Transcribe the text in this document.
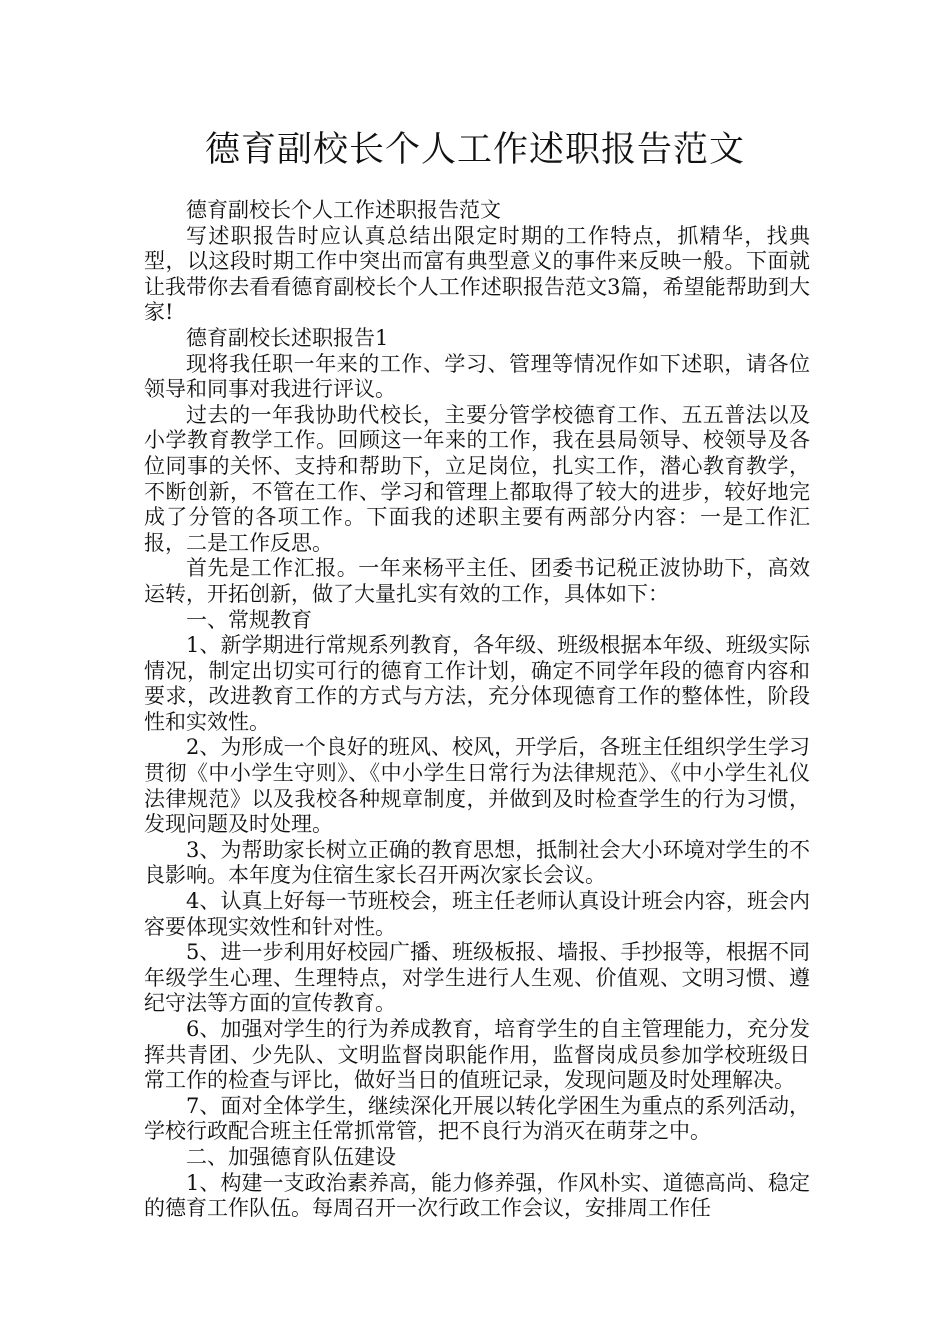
德育副校长个人工作述职报告范文

德育副校长个人工作述职报告范文

写述职报告时应认真总结出限定时期的工作特点，抓精华，找典型，以这段时期工作中突出而富有典型意义的事件来反映一般。下面就让我带你去看看德育副校长个人工作述职报告范文3篇，希望能帮助到大家!

德育副校长述职报告1

现将我任职一年来的工作、学习、管理等情况作如下述职，请各位领导和同事对我进行评议。

过去的一年我协助代校长，主要分管学校德育工作、五五普法以及小学教育教学工作。回顾这一年来的工作，我在县局领导、校领导及各位同事的关怀、支持和帮助下，立足岗位，扎实工作，潜心教育教学，不断创新，不管在工作、学习和管理上都取得了较大的进步，较好地完成了分管的各项工作。下面我的述职主要有两部分内容：一是工作汇报，二是工作反思。

首先是工作汇报。一年来杨平主任、团委书记税正波协助下，高效运转，开拓创新，做了大量扎实有效的工作，具体如下：

一、常规教育

1、新学期进行常规系列教育，各年级、班级根据本年级、班级实际情况，制定出切实可行的德育工作计划，确定不同学年段的德育内容和要求，改进教育工作的方式与方法，充分体现德育工作的整体性，阶段性和实效性。

2、为形成一个良好的班风、校风，开学后，各班主任组织学生学习贯彻《中小学生守则》、《中小学生日常行为法律规范》、《中小学生礼仪法律规范》以及我校各种规章制度，并做到及时检查学生的行为习惯，发现问题及时处理。

3、为帮助家长树立正确的教育思想，抵制社会大小环境对学生的不良影响。本年度为住宿生家长召开两次家长会议。

4、认真上好每一节班校会，班主任老师认真设计班会内容，班会内容要体现实效性和针对性。

5、进一步利用好校园广播、班级板报、墙报、手抄报等，根据不同年级学生心理、生理特点，对学生进行人生观、价值观、文明习惯、遵纪守法等方面的宣传教育。

6、加强对学生的行为养成教育，培育学生的自主管理能力，充分发挥共青团、少先队、文明监督岗职能作用，监督岗成员参加学校班级日常工作的检查与评比，做好当日的值班记录，发现问题及时处理解决。

7、面对全体学生，继续深化开展以转化学困生为重点的系列活动，学校行政配合班主任常抓常管，把不良行为消灭在萌芽之中。

二、加强德育队伍建设

1、构建一支政治素养高，能力修养强，作风朴实、道德高尚、稳定的德育工作队伍。每周召开一次行政工作会议，安排周工作任
